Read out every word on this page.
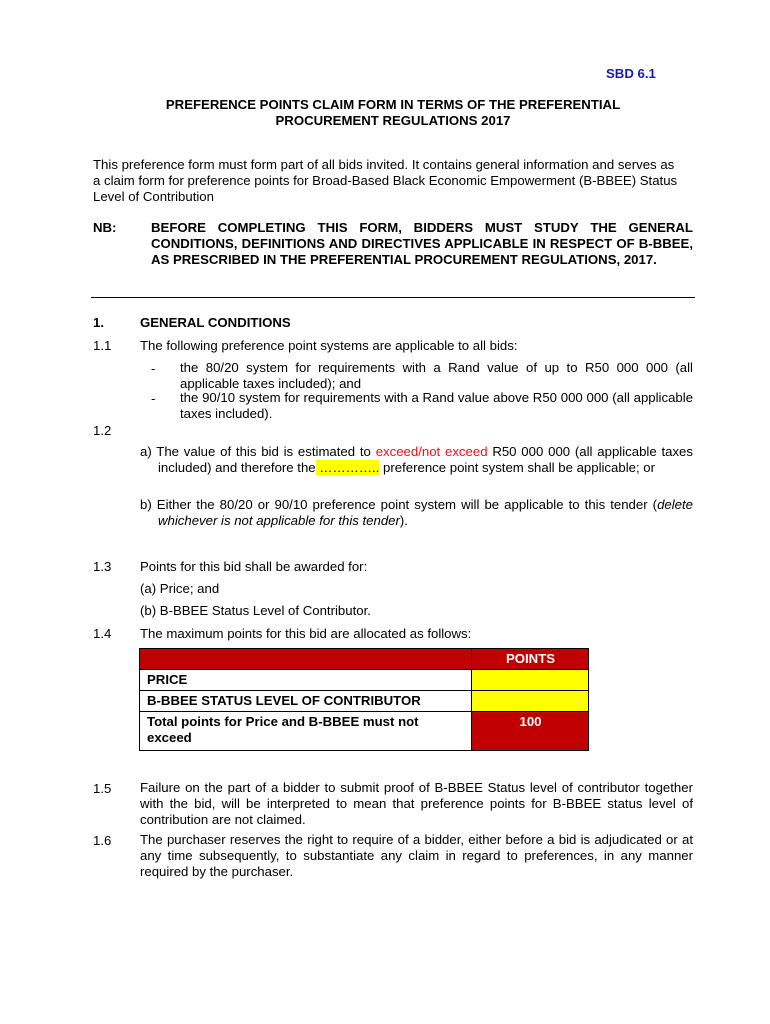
SBD 6.1
PREFERENCE POINTS CLAIM FORM IN TERMS OF THE PREFERENTIAL
PROCUREMENT REGULATIONS 2017
This preference form must form part of all bids invited. It contains general information and serves as a claim form for preference points for Broad-Based Black Economic Empowerment (B-BBEE) Status Level of Contribution
NB:	BEFORE COMPLETING THIS FORM, BIDDERS MUST STUDY THE GENERAL CONDITIONS, DEFINITIONS AND DIRECTIVES APPLICABLE IN RESPECT OF B-BBEE, AS PRESCRIBED IN THE PREFERENTIAL PROCUREMENT REGULATIONS, 2017.
1.	GENERAL CONDITIONS
1.1 The following preference point systems are applicable to all bids:
- the 80/20 system for requirements with a Rand value of up to R50 000 000 (all applicable taxes included); and
- the 90/10 system for requirements with a Rand value above R50 000 000 (all applicable taxes included).
1.2
a) The value of this bid is estimated to exceed/not exceed R50 000 000 (all applicable taxes included) and therefore the ………….. preference point system shall be applicable; or
b) Either the 80/20 or 90/10 preference point system will be applicable to this tender (delete whichever is not applicable for this tender).
1.3 Points for this bid shall be awarded for:
(a) Price; and
(b) B-BBEE Status Level of Contributor.
1.4 The maximum points for this bid are allocated as follows:
	POINTS
PRICE	
B-BBEE STATUS LEVEL OF CONTRIBUTOR	
Total points for Price and B-BBEE must not exceed	100
1.5 Failure on the part of a bidder to submit proof of B-BBEE Status level of contributor together with the bid, will be interpreted to mean that preference points for B-BBEE status level of contribution are not claimed.
1.6 The purchaser reserves the right to require of a bidder, either before a bid is adjudicated or at any time subsequently, to substantiate any claim in regard to preferences, in any manner required by the purchaser.
